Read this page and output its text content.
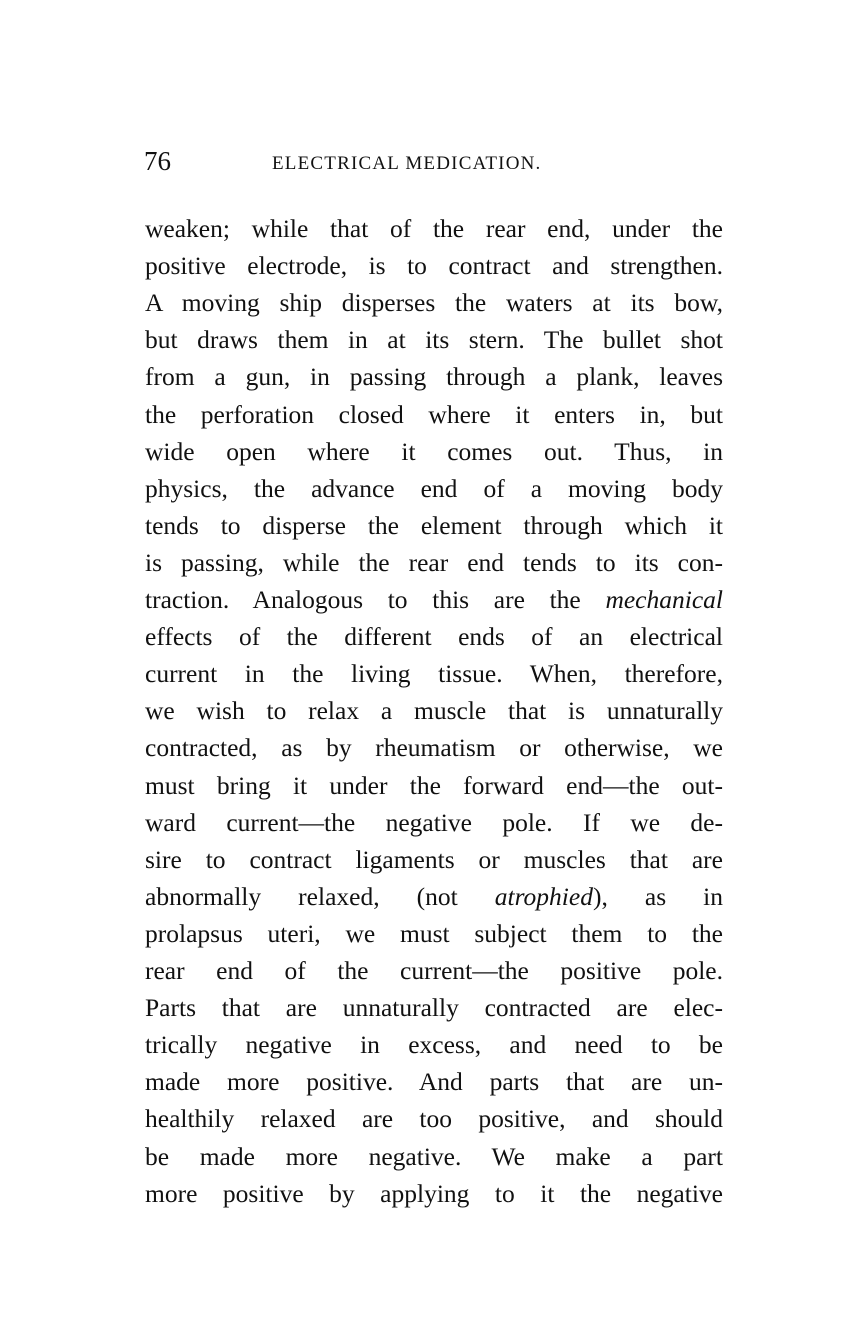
76	ELECTRICAL MEDICATION.
weaken; while that of the rear end, under the
positive electrode, is to contract and strengthen.
A moving ship disperses the waters at its bow,
but draws them in at its stern. The bullet shot
from a gun, in passing through a plank, leaves
the perforation closed where it enters in, but
wide open where it comes out. Thus, in
physics, the advance end of a moving body
tends to disperse the element through which it
is passing, while the rear end tends to its con-
traction. Analogous to this are the mechanical
effects of the different ends of an electrical
current in the living tissue. When, therefore,
we wish to relax a muscle that is unnaturally
contracted, as by rheumatism or otherwise, we
must bring it under the forward end—the out-
ward current—the negative pole. If we de-
sire to contract ligaments or muscles that are
abnormally relaxed, (not atrophied), as in
prolapsus uteri, we must subject them to the
rear end of the current—the positive pole.
Parts that are unnaturally contracted are elec-
trically negative in excess, and need to be
made more positive. And parts that are un-
healthily relaxed are too positive, and should
be made more negative. We make a part
more positive by applying to it the negative
